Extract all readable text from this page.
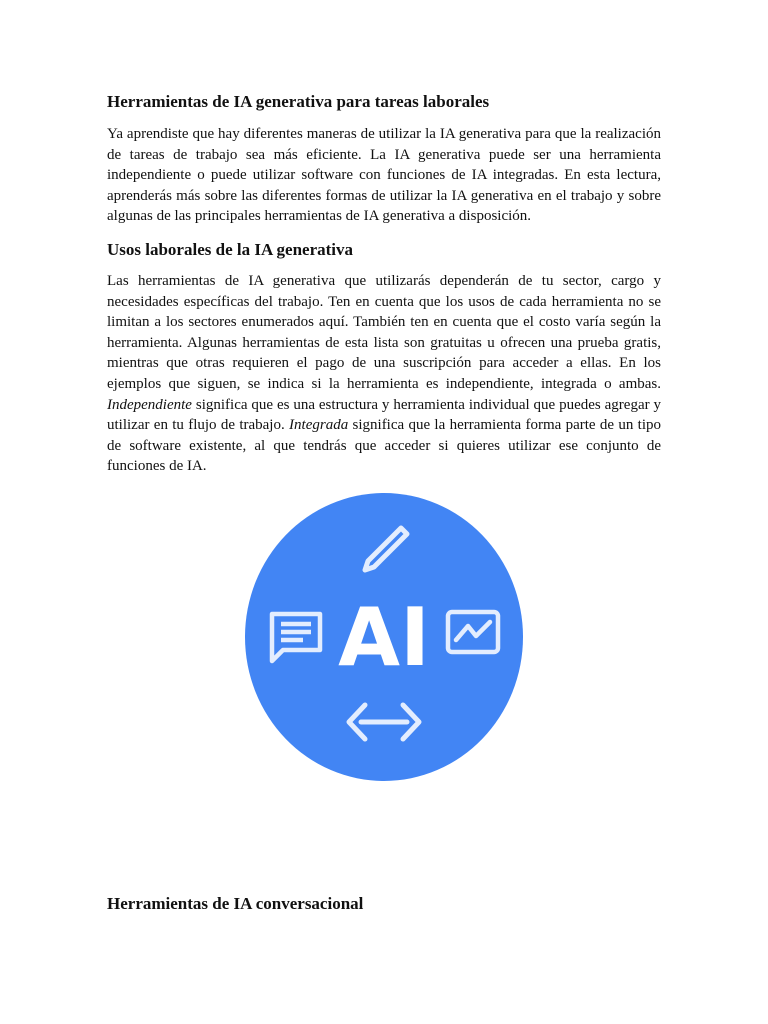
Herramientas de IA generativa para tareas laborales

Ya aprendiste que hay diferentes maneras de utilizar la IA generativa para que la realización de tareas de trabajo sea más eficiente. La IA generativa puede ser una herramienta independiente o puede utilizar software con funciones de IA integradas. En esta lectura, aprenderás más sobre las diferentes formas de utilizar la IA generativa en el trabajo y sobre algunas de las principales herramientas de IA generativa a disposición.

Usos laborales de la IA generativa

Las herramientas de IA generativa que utilizarás dependerán de tu sector, cargo y necesidades específicas del trabajo. Ten en cuenta que los usos de cada herramienta no se limitan a los sectores enumerados aquí. También ten en cuenta que el costo varía según la herramienta. Algunas herramientas de esta lista son gratuitas u ofrecen una prueba gratis, mientras que otras requieren el pago de una suscripción para acceder a ellas. En los ejemplos que siguen, se indica si la herramienta es independiente, integrada o ambas. Independiente significa que es una estructura y herramienta individual que puedes agregar y utilizar en tu flujo de trabajo. Integrada significa que la herramienta forma parte de un tipo de software existente, al que tendrás que acceder si quieres utilizar ese conjunto de funciones de IA.

Herramientas de IA conversacional
AI
